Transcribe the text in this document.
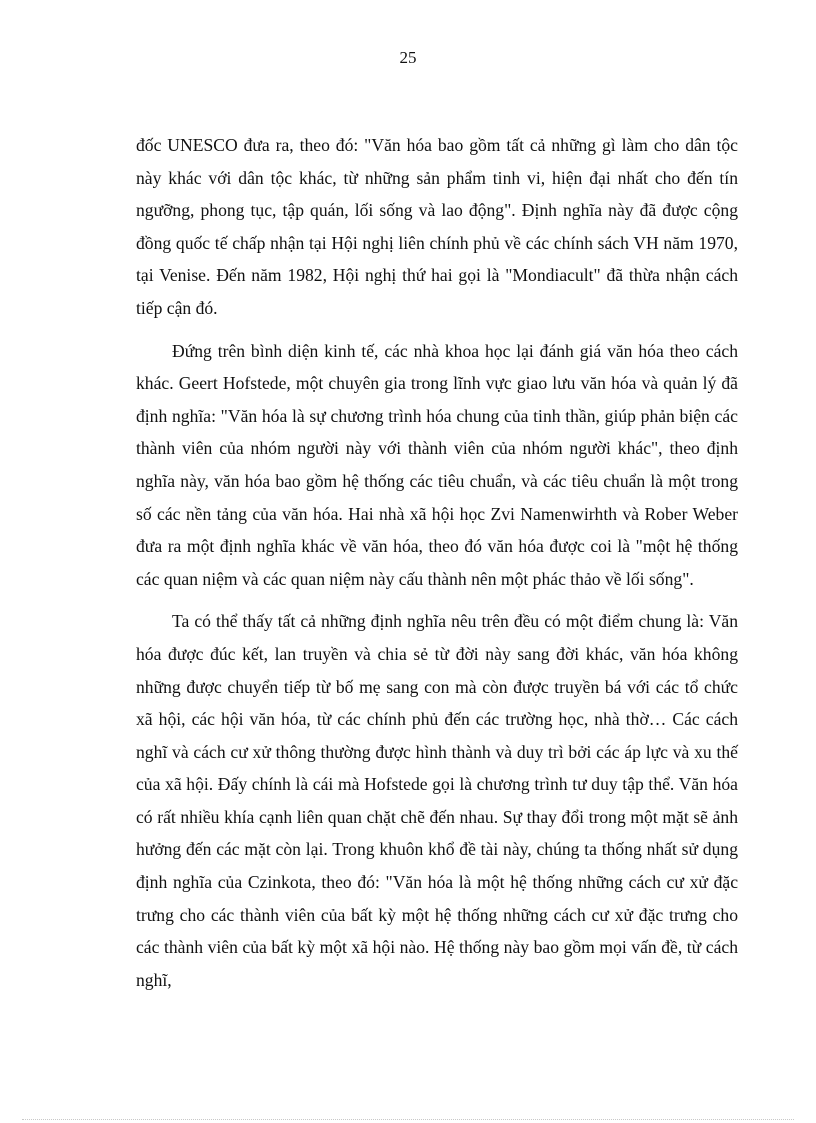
25

đốc UNESCO đưa ra, theo đó: "Văn hóa bao gồm tất cả những gì làm cho dân tộc này khác với dân tộc khác, từ những sản phẩm tinh vi, hiện đại nhất cho đến tín ngưỡng, phong tục, tập quán, lối sống và lao động". Định nghĩa này đã được cộng đồng quốc tế chấp nhận tại Hội nghị liên chính phủ về các chính sách VH năm 1970, tại Venise. Đến năm 1982, Hội nghị thứ hai gọi là "Mondiacult" đã thừa nhận cách tiếp cận đó.

Đứng trên bình diện kinh tế, các nhà khoa học lại đánh giá văn hóa theo cách khác. Geert Hofstede, một chuyên gia trong lĩnh vực giao lưu văn hóa và quản lý đã định nghĩa: "Văn hóa là sự chương trình hóa chung của tinh thần, giúp phản biện các thành viên của nhóm người này với thành viên của nhóm người khác", theo định nghĩa này, văn hóa bao gồm hệ thống các tiêu chuẩn, và các tiêu chuẩn là một trong số các nền tảng của văn hóa. Hai nhà xã hội học Zvi Namenwirhth và Rober Weber đưa ra một định nghĩa khác về văn hóa, theo đó văn hóa được coi là "một hệ thống các quan niệm và các quan niệm này cấu thành nên một phác thảo về lối sống".

Ta có thể thấy tất cả những định nghĩa nêu trên đều có một điểm chung là: Văn hóa được đúc kết, lan truyền và chia sẻ từ đời này sang đời khác, văn hóa không những được chuyển tiếp từ bố mẹ sang con mà còn được truyền bá với các tổ chức xã hội, các hội văn hóa, từ các chính phủ đến các trường học, nhà thờ… Các cách nghĩ và cách cư xử thông thường được hình thành và duy trì bởi các áp lực và xu thế của xã hội. Đấy chính là cái mà Hofstede gọi là chương trình tư duy tập thể. Văn hóa có rất nhiều khía cạnh liên quan chặt chẽ đến nhau. Sự thay đổi trong một mặt sẽ ảnh hưởng đến các mặt còn lại. Trong khuôn khổ đề tài này, chúng ta thống nhất sử dụng định nghĩa của Czinkota, theo đó: "Văn hóa là một hệ thống những cách cư xử đặc trưng cho các thành viên của bất kỳ một hệ thống những cách cư xử đặc trưng cho các thành viên của bất kỳ một xã hội nào. Hệ thống này bao gồm mọi vấn đề, từ cách nghĩ,
